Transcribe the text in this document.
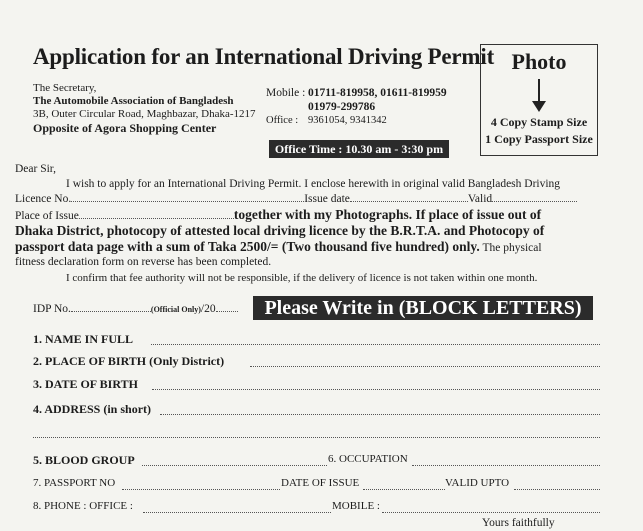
Application for an International Driving Permit
The Secretary,
The Automobile Association of Bangladesh
3B, Outer Circular Road, Maghbazar, Dhaka-1217
Opposite of Agora Shopping Center
Mobile : 01711-819958, 01611-819959
01979-299786
Office : 9361054, 9341342
Office Time : 10.30 am - 3:30 pm
Photo
4 Copy Stamp Size
1 Copy Passport Size
Dear Sir,
I wish to apply for an International Driving Permit. I enclose herewith in original valid Bangladesh Driving
Licence No.	Issue date	Valid
Place of Issue	together with my Photographs. If place of issue out of
Dhaka District, photocopy of attested local driving licence by the B.R.T.A. and Photocopy of
passport data page with a sum of Taka 2500/= (Two thousand five hundred) only. The physical
fitness declaration form on reverse has been completed.
I confirm that fee authority will not be responsible, if the delivery of licence is not taken within one month.
IDP No.	(Official Only)/20	Please Write in (BLOCK LETTERS)
1. NAME IN FULL
2. PLACE OF BIRTH (Only District)
3. DATE OF BIRTH
4. ADDRESS (in short)
5. BLOOD GROUP	6. OCCUPATION
7. PASSPORT NO	DATE OF ISSUE	VALID UPTO
8. PHONE : OFFICE :	MOBILE :
Yours faithfully
